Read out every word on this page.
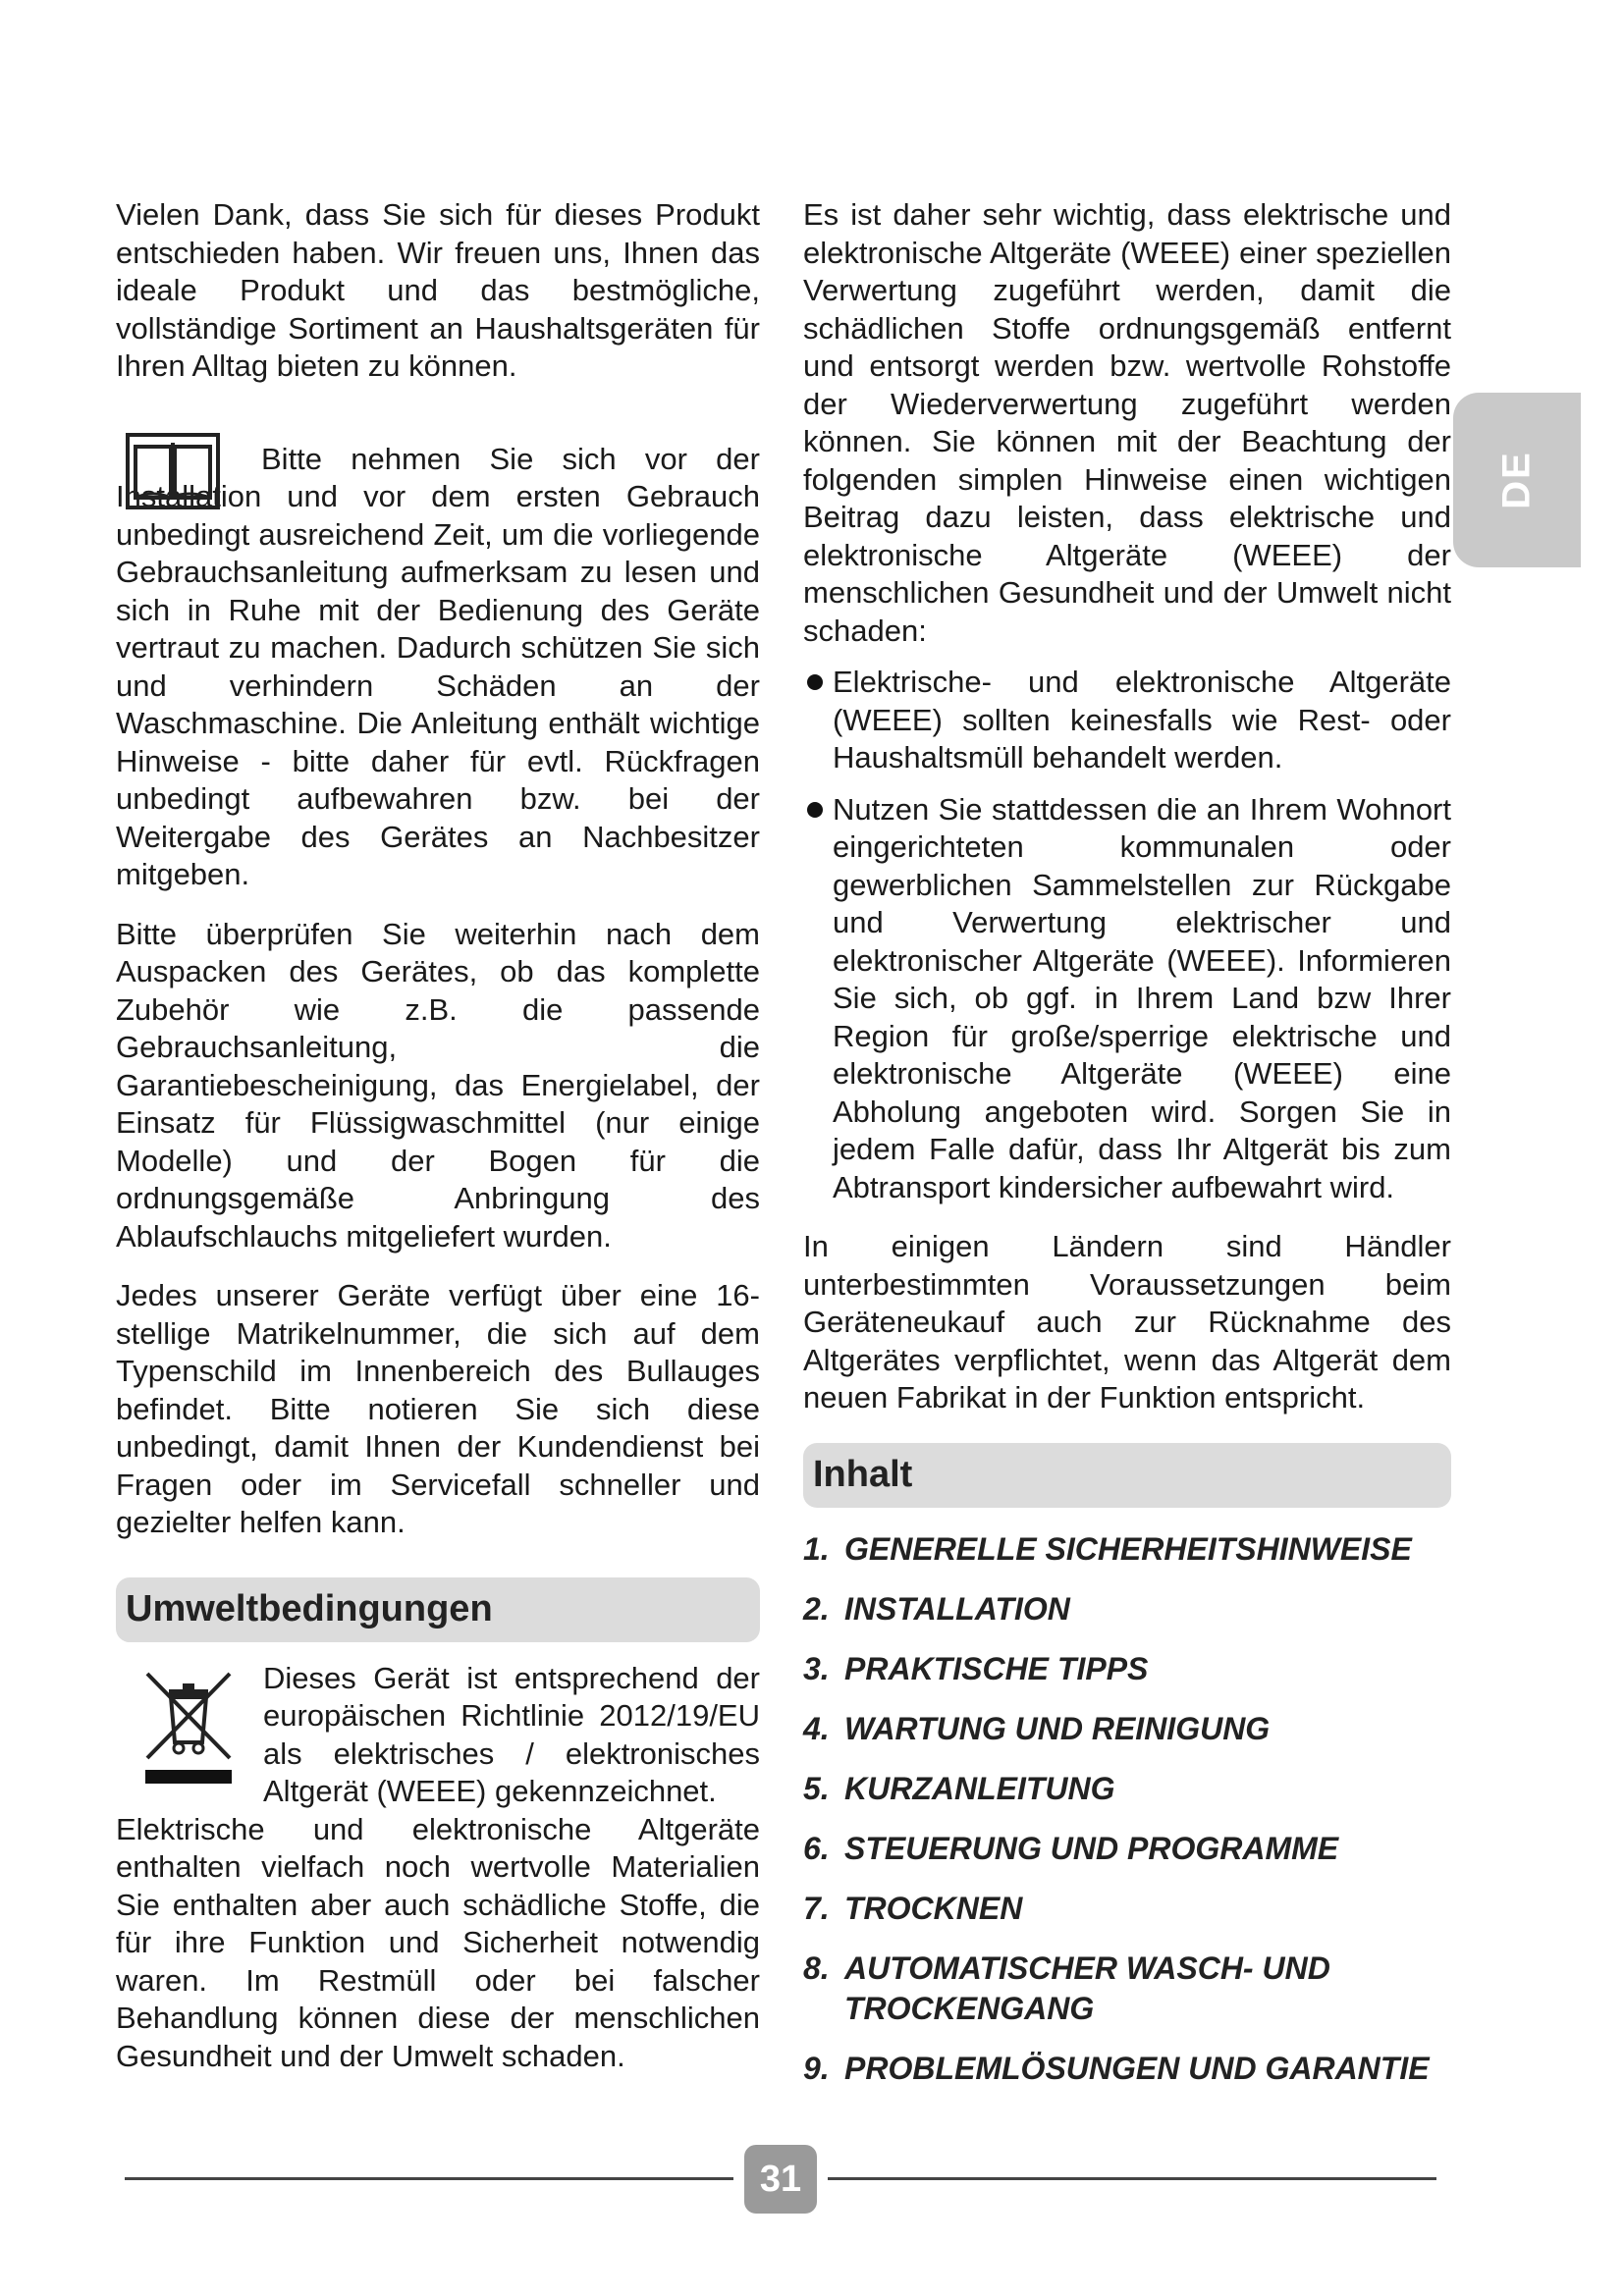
Vielen Dank, dass Sie sich für dieses Produkt entschieden haben. Wir freuen uns, Ihnen das ideale Produkt und das bestmögliche, vollständige Sortiment an Haushaltsgeräten für Ihren Alltag bieten zu können.

Bitte nehmen Sie sich vor der Installation und vor dem ersten Gebrauch unbedingt ausreichend Zeit, um die vorliegende Gebrauchsanleitung aufmerksam zu lesen und sich in Ruhe mit der Bedienung des Geräte vertraut zu machen. Dadurch schützen Sie sich und verhindern Schäden an der Waschmaschine. Die Anleitung enthält wichtige Hinweise - bitte daher für evtl. Rückfragen unbedingt aufbewahren bzw. bei der Weitergabe des Gerätes an Nachbesitzer mitgeben.

Bitte überprüfen Sie weiterhin nach dem Auspacken des Gerätes, ob das komplette Zubehör wie z.B. die passende Gebrauchsanleitung, die Garantiebescheinigung, das Energielabel, der Einsatz für Flüssigwaschmittel (nur einige Modelle) und der Bogen für die ordnungsgemäße Anbringung des Ablaufschlauchs mitgeliefert wurden.

Jedes unserer Geräte verfügt über eine 16-stellige Matrikelnummer, die sich auf dem Typenschild im Innenbereich des Bullauges befindet. Bitte notieren Sie sich diese unbedingt, damit Ihnen der Kundendienst bei Fragen oder im Servicefall schneller und gezielter helfen kann.

Umweltbedingungen

Dieses Gerät ist entsprechend der europäischen Richtlinie 2012/19/EU als elektrisches / elektronisches Altgerät (WEEE) gekennzeichnet.

Elektrische und elektronische Altgeräte enthalten vielfach noch wertvolle Materialien Sie enthalten aber auch schädliche Stoffe, die für ihre Funktion und Sicherheit notwendig waren. Im Restmüll oder bei falscher Behandlung können diese der menschlichen Gesundheit und der Umwelt schaden.

Es ist daher sehr wichtig, dass elektrische und elektronische Altgeräte (WEEE) einer speziellen Verwertung zugeführt werden, damit die schädlichen Stoffe ordnungsgemäß entfernt und entsorgt werden bzw. wertvolle Rohstoffe der Wiederverwertung zugeführt werden können. Sie können mit der Beachtung der folgenden simplen Hinweise einen wichtigen Beitrag dazu leisten, dass elektrische und elektronische Altgeräte (WEEE) der menschlichen Gesundheit und der Umwelt nicht schaden:

Elektrische- und elektronische Altgeräte (WEEE) sollten keinesfalls wie Rest- oder Haushaltsmüll behandelt werden.
Nutzen Sie stattdessen die an Ihrem Wohnort eingerichteten kommunalen oder gewerblichen Sammelstellen zur Rückgabe und Verwertung elektrischer und elektronischer Altgeräte (WEEE). Informieren Sie sich, ob ggf. in Ihrem Land bzw Ihrer Region für große/sperrige elektrische und elektronische Altgeräte (WEEE) eine Abholung angeboten wird. Sorgen Sie in jedem Falle dafür, dass Ihr Altgerät bis zum Abtransport kindersicher aufbewahrt wird.

In einigen Ländern sind Händler unterbestimmten Voraussetzungen beim Geräteneukauf auch zur Rücknahme des Altgerätes verpflichtet, wenn das Altgerät dem neuen Fabrikat in der Funktion entspricht.

Inhalt
1. GENERELLE SICHERHEITSHINWEISE
2. INSTALLATION
3. PRAKTISCHE TIPPS
4. WARTUNG UND REINIGUNG
5. KURZANLEITUNG
6. STEUERUNG UND PROGRAMME
7. TROCKNEN
8. AUTOMATISCHER WASCH- UND TROCKENGANG
9. PROBLEMLÖSUNGEN UND GARANTIE
DE
31
